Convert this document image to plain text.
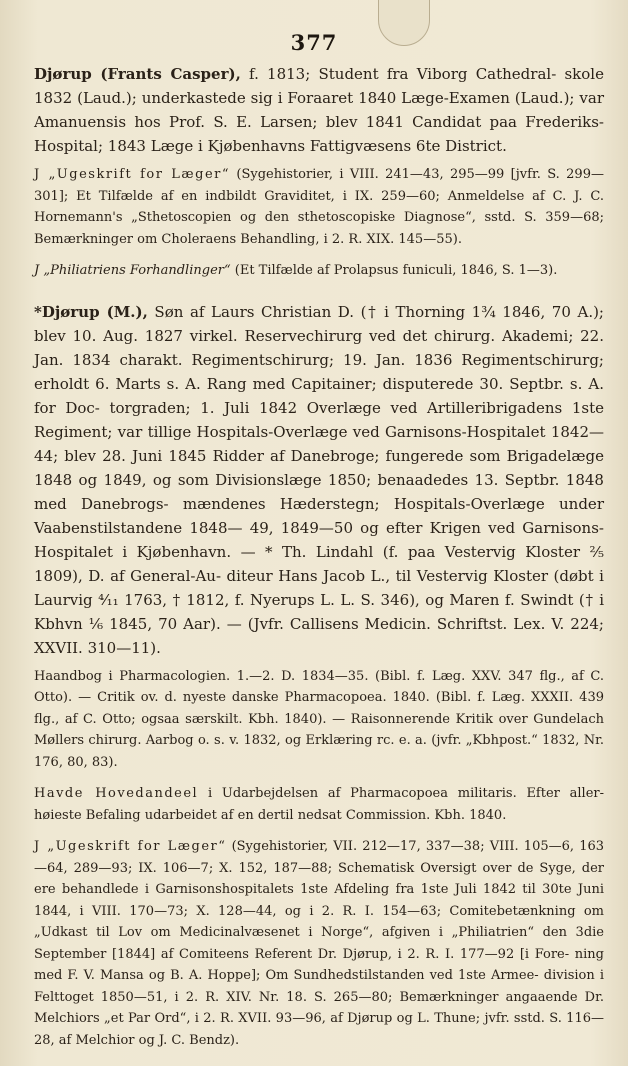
377

Djørup (Frants Casper), f. 1813; Student fra Viborg Cathedral- skole 1832 (Laud.); underkastede sig i Foraaret 1840 Læge-Examen (Laud.); var Amanuensis hos Prof. S. E. Larsen; blev 1841 Candidat paa Frederiks- Hospital; 1843 Læge i Kjøbenhavns Fattigvæsens 6te District.

J „Ugeskrift for Læger“ (Sygehistorier, i VIII. 241—43, 295—99 [jvfr. S. 299—301]; Et Tilfælde af en indbildt Graviditet, i IX. 259—60; Anmeldelse af C. J. C. Hornemann's „Sthetoscopien og den sthetoscopiske Diagnose“, sstd. S. 359—68; Bemærkninger om Choleraens Behandling, i 2. R. XIX. 145—55).

J „Philiatriens Forhandlinger“ (Et Tilfælde af Prolapsus funiculi, 1846, S. 1—3).

*Djørup (M.), Søn af Laurs Christian D. († i Thorning 1¾ 1846, 70 A.); blev 10. Aug. 1827 virkel. Reservechirurg ved det chirurg. Akademi; 22. Jan. 1834 charakt. Regimentschirurg; 19. Jan. 1836 Regimentschirurg; erholdt 6. Marts s. A. Rang med Capitainer; disputerede 30. Septbr. s. A. for Doc- torgraden; 1. Juli 1842 Overlæge ved Artilleribrigadens 1ste Regiment; var tillige Hospitals-Overlæge ved Garnisons-Hospitalet 1842—44; blev 28. Juni 1845 Ridder af Danebroge; fungerede som Brigadelæge 1848 og 1849, og som Divisionslæge 1850; benaadedes 13. Septbr. 1848 med Danebrogs- mændenes Hæderstegn; Hospitals-Overlæge under Vaabenstilstandene 1848— 49, 1849—50 og efter Krigen ved Garnisons-Hospitalet i Kjøbenhavn. — * Th. Lindahl (f. paa Vestervig Kloster ⅖ 1809), D. af General-Au- diteur Hans Jacob L., til Vestervig Kloster (døbt i Laurvig ⁴⁄₁₁ 1763, † 1812, f. Nyerups L. L. S. 346), og Maren f. Swindt († i Kbhvn ¹⁄₆ 1845, 70 Aar). — (Jvfr. Callisens Medicin. Schriftst. Lex. V. 224; XXVII. 310—11).

Haandbog i Pharmacologien. 1.—2. D. 1834—35. (Bibl. f. Læg. XXV. 347 flg., af C. Otto). — Critik ov. d. nyeste danske Pharmacopoea. 1840. (Bibl. f. Læg. XXXII. 439 flg., af C. Otto; ogsaa særskilt. Kbh. 1840). — Raisonnerende Kritik over Gundelach Møllers chirurg. Aarbog o. s. v. 1832, og Erklæring rc. e. a. (jvfr. „Kbhpost.“ 1832, Nr. 176, 80, 83).

Havde Hovedandeel i Udarbejdelsen af Pharmacopoea militaris. Efter aller- høieste Befaling udarbeidet af en dertil nedsat Commission. Kbh. 1840.

J „Ugeskrift for Læger“ (Sygehistorier, VII. 212—17, 337—38; VIII. 105—6, 163—64, 289—93; IX. 106—7; X. 152, 187—88; Schematisk Oversigt over de Syge, der ere behandlede i Garnisonshospitalets 1ste Afdeling fra 1ste Juli 1842 til 30te Juni 1844, i VIII. 170—73; X. 128—44, og i 2. R. I. 154—63; Comitebetænkning om „Udkast til Lov om Medicinalvæsenet i Norge“, afgiven i „Philiatrien“ den 3die September [1844] af Comiteens Referent Dr. Djørup, i 2. R. I. 177—92 [i Fore- ning med F. V. Mansa og B. A. Hoppe]; Om Sundhedstilstanden ved 1ste Armee- division i Felttoget 1850—51, i 2. R. XIV. Nr. 18. S. 265—80; Bemærkninger angaaende Dr. Melchiors „et Par Ord“, i 2. R. XVII. 93—96, af Djørup og L. Thune; jvfr. sstd. S. 116—28, af Melchior og J. C. Bendz).
